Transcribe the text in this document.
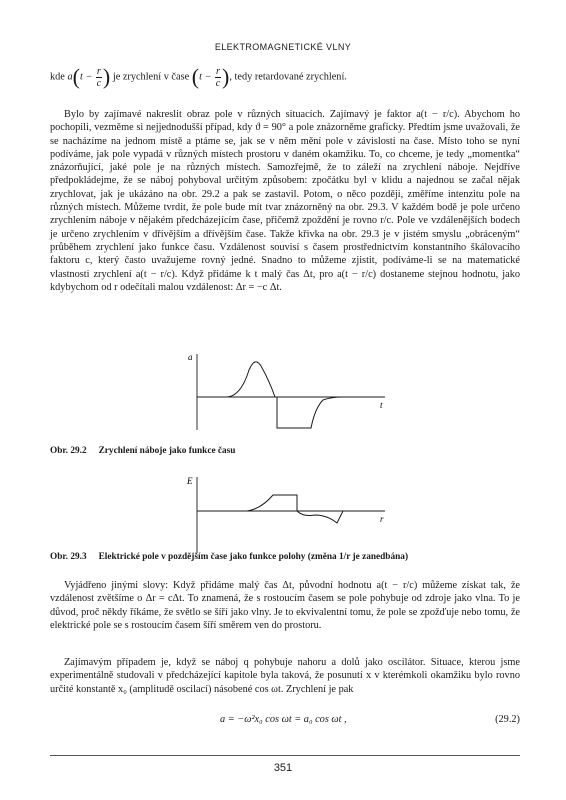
ELEKTROMAGNETICKÉ VLNY
kde $a(t - \frac{r}{c}$ ) je zrychlení v čase ($t - \frac{r}{c}$ ), tedy retardované zrychlení.

Bylo by zajímavé nakreslit obraz pole v různých situacích. Zajímavý je faktor a(t − r/c). Abychom ho pochopili, vezměme si nejjednodušší případ, kdy ϑ = 90° a pole znázorněme graficky. Předtím jsme uvažovali, že se nacházíme na jednom místě a ptáme se, jak se v něm mění pole v závislosti na čase. Místo toho se nyní podíváme, jak pole vypadá v různých místech prostoru v daném okamžiku. To, co chceme, je tedy „momentka“ znázorňující, jaké pole je na různých místech. Samozřejmě, že to záleží na zrychlení náboje. Nejdříve předpokládejme, že se náboj pohyboval určitým způsobem: zpočátku byl v klidu a najednou se začal nějak zrychlovat, jak je ukázáno na obr. 29.2 a pak se zastavil. Potom, o něco později, změříme intenzitu pole na různých místech. Můžeme tvrdit, že pole bude mít tvar znázorněný na obr. 29.3. V každém bodě je pole určeno zrychlením náboje v nějakém předcházejícím čase, přičemž zpoždění je rovno r/c. Pole ve vzdálenějších bodech je určeno zrychlením v dřívějším a dřívějším čase. Takže křivka na obr. 29.3 je v jistém smyslu „obráceným“ průběhem zrychlení jako funkce času. Vzdálenost souvisí s časem prostřednictvím konstantního škálovacího faktoru c, který často uvažujeme rovný jedné. Snadno to můžeme zjistit, podíváme-li se na matematické vlastnosti zrychlení a(t − r/c). Když přidáme k t malý čas Δt, pro a(t − r/c) dostaneme stejnou hodnotu, jako kdybychom od r odečítali malou vzdálenost: Δr = −c Δt.

a
t
Obr. 29.2 Zrychlení náboje jako funkce času
E
r
Obr. 29.3 Elektrické pole v pozdějším čase jako funkce polohy (změna 1/r je zanedbána)

Vyjádřeno jinými slovy: Když přidáme malý čas Δt, původní hodnotu a(t − r/c) můžeme získat tak, že vzdálenost zvětšíme o Δr = cΔt. To znamená, že s rostoucím časem se pole pohybuje od zdroje jako vlna. To je důvod, proč někdy říkáme, že světlo se šíří jako vlny. Je to ekvivalentní tomu, že pole se zpožďuje nebo tomu, že elektrické pole se s rostoucím časem šíří směrem ven do prostoru.

Zajímavým případem je, když se náboj q pohybuje nahoru a dolů jako oscilátor. Situace, kterou jsme experimentálně studovali v předcházející kapitole byla taková, že posunutí x v kterémkoli okamžiku bylo rovno určité konstantě x₀ (amplitudě oscilací) násobené cos ωt. Zrychlení je pak

a = −ω²x₀ cos ωt = a₀ cos ωt ,	(29.2)
351
